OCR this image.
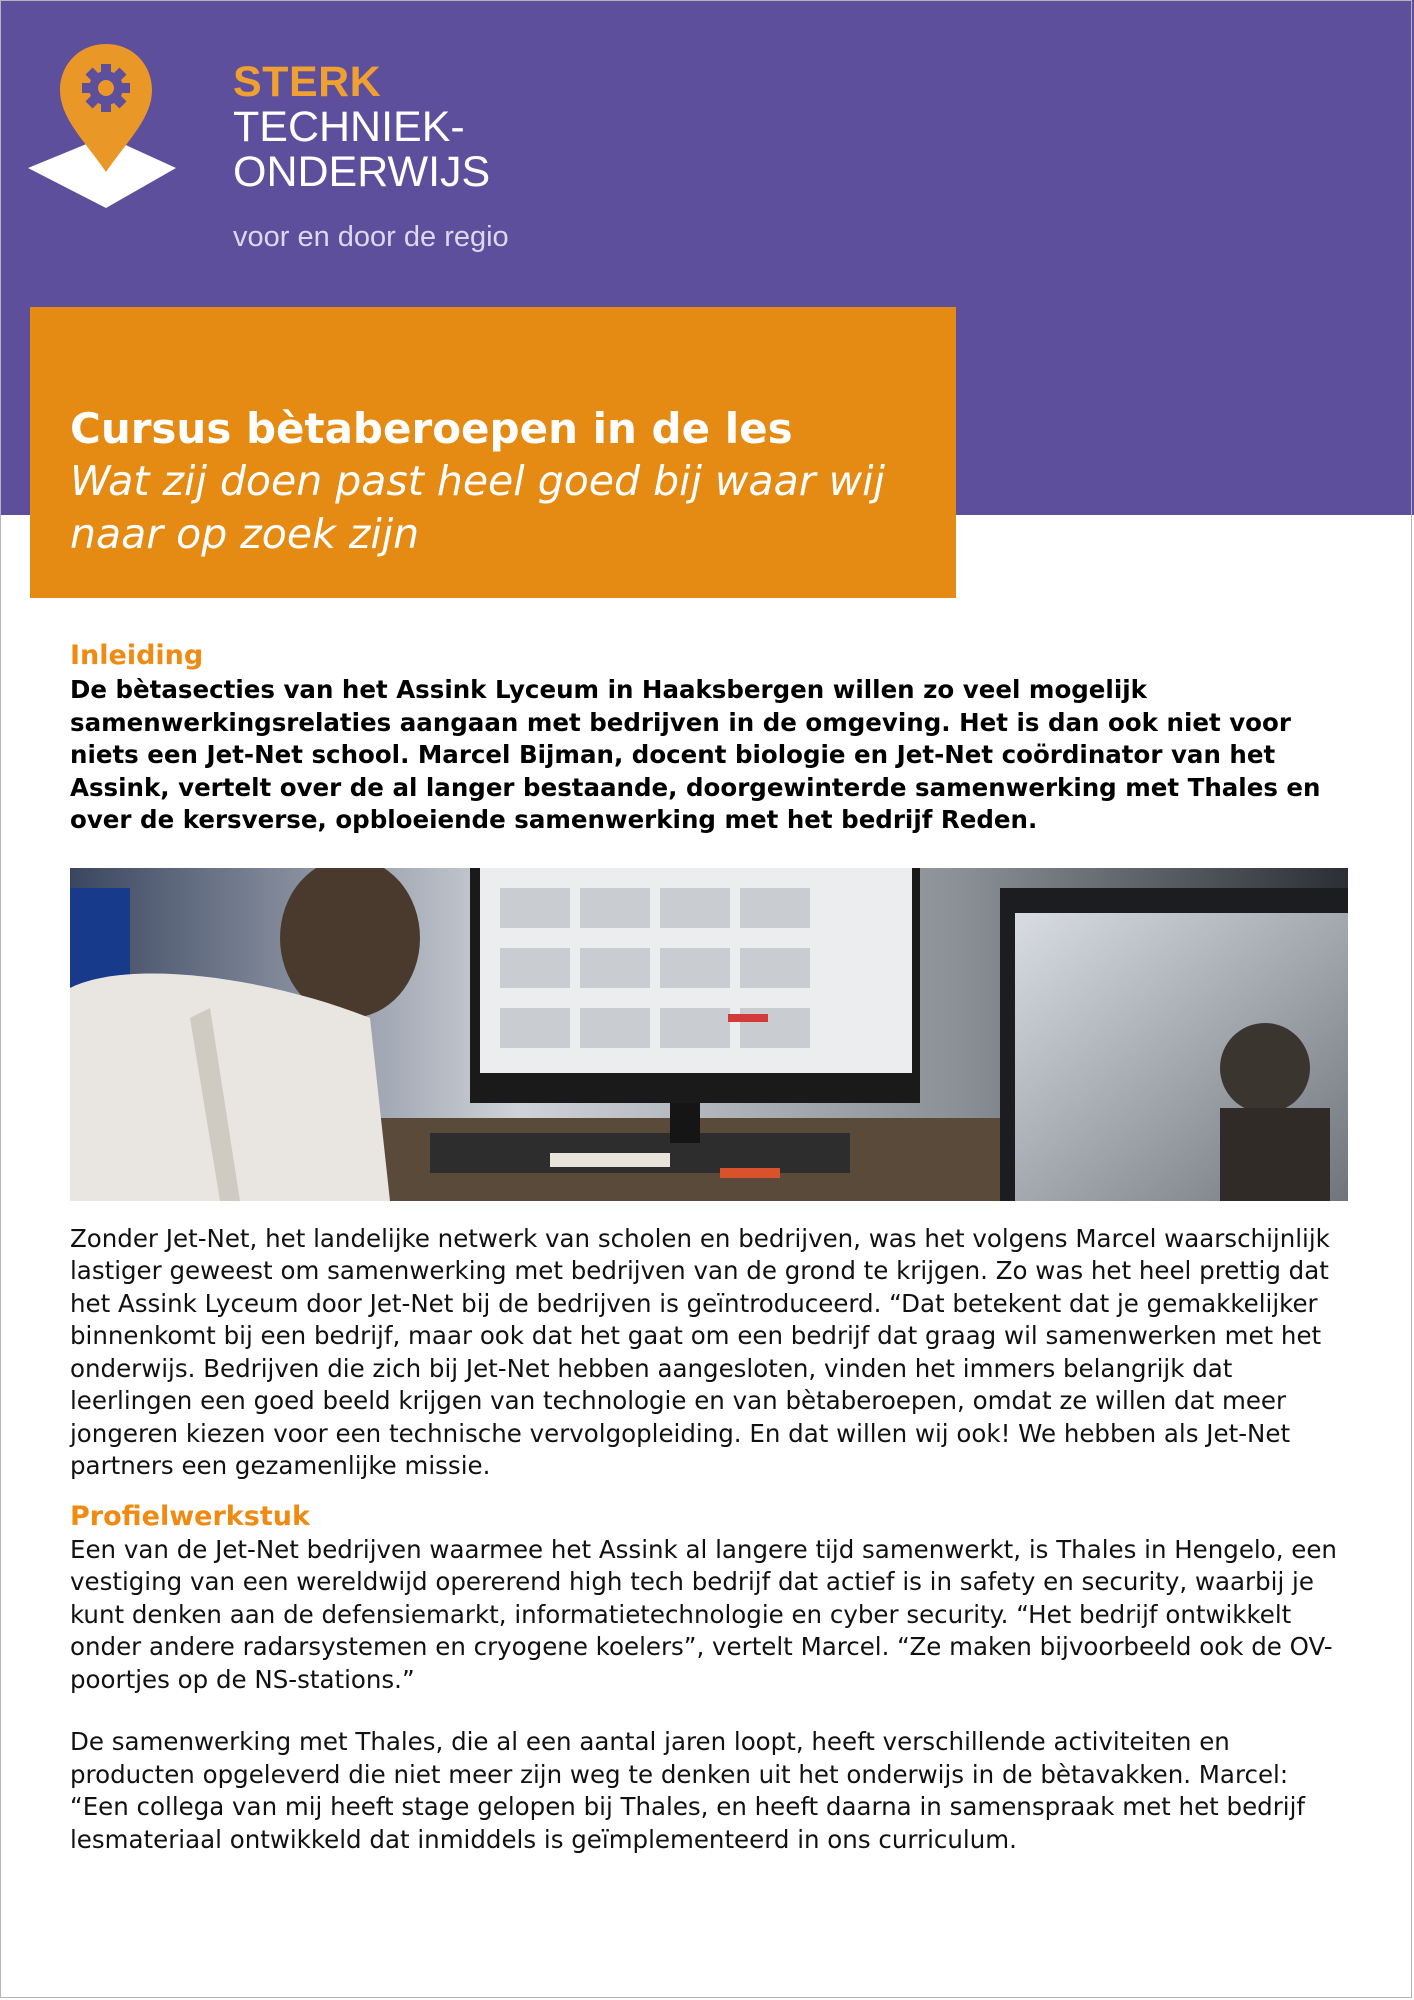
STERK
TECHNIEK-
ONDERWIJS
voor en door de regio
Cursus bètaberoepen in de les
Wat zij doen past heel goed bij waar wij naar op zoek zijn
Inleiding

De bètasecties van het Assink Lyceum in Haaksbergen willen zo veel mogelijk samenwerkingsrelaties aangaan met bedrijven in de omgeving. Het is dan ook niet voor niets een Jet-Net school. Marcel Bijman, docent biologie en Jet-Net coördinator van het Assink, vertelt over de al langer bestaande, doorgewinterde samenwerking met Thales en over de kersverse, opbloeiende samenwerking met het bedrijf Reden.

Zonder Jet-Net, het landelijke netwerk van scholen en bedrijven, was het volgens Marcel waarschijnlijk lastiger geweest om samenwerking met bedrijven van de grond te krijgen. Zo was het heel prettig dat het Assink Lyceum door Jet-Net bij de bedrijven is geïntroduceerd. “Dat betekent dat je gemakkelijker binnenkomt bij een bedrijf, maar ook dat het gaat om een bedrijf dat graag wil samenwerken met het onderwijs. Bedrijven die zich bij Jet-Net hebben aangesloten, vinden het immers belangrijk dat leerlingen een goed beeld krijgen van technologie en van bètaberoepen, omdat ze willen dat meer jongeren kiezen voor een technische vervolgopleiding. En dat willen wij ook! We hebben als Jet-Net partners een gezamenlijke missie.

Profielwerkstuk

Een van de Jet-Net bedrijven waarmee het Assink al langere tijd samenwerkt, is Thales in Hengelo, een vestiging van een wereldwijd opererend high tech bedrijf dat actief is in safety en security, waarbij je kunt denken aan de defensiemarkt, informatietechnologie en cyber security. “Het bedrijf ontwikkelt onder andere radarsystemen en cryogene koelers”, vertelt Marcel. “Ze maken bijvoorbeeld ook de OV-poortjes op de NS-stations.”

De samenwerking met Thales, die al een aantal jaren loopt, heeft verschillende activiteiten en producten opgeleverd die niet meer zijn weg te denken uit het onderwijs in de bètavakken. Marcel: “Een collega van mij heeft stage gelopen bij Thales, en heeft daarna in samenspraak met het bedrijf lesmateriaal ontwikkeld dat inmiddels is geïmplementeerd in ons curriculum.
